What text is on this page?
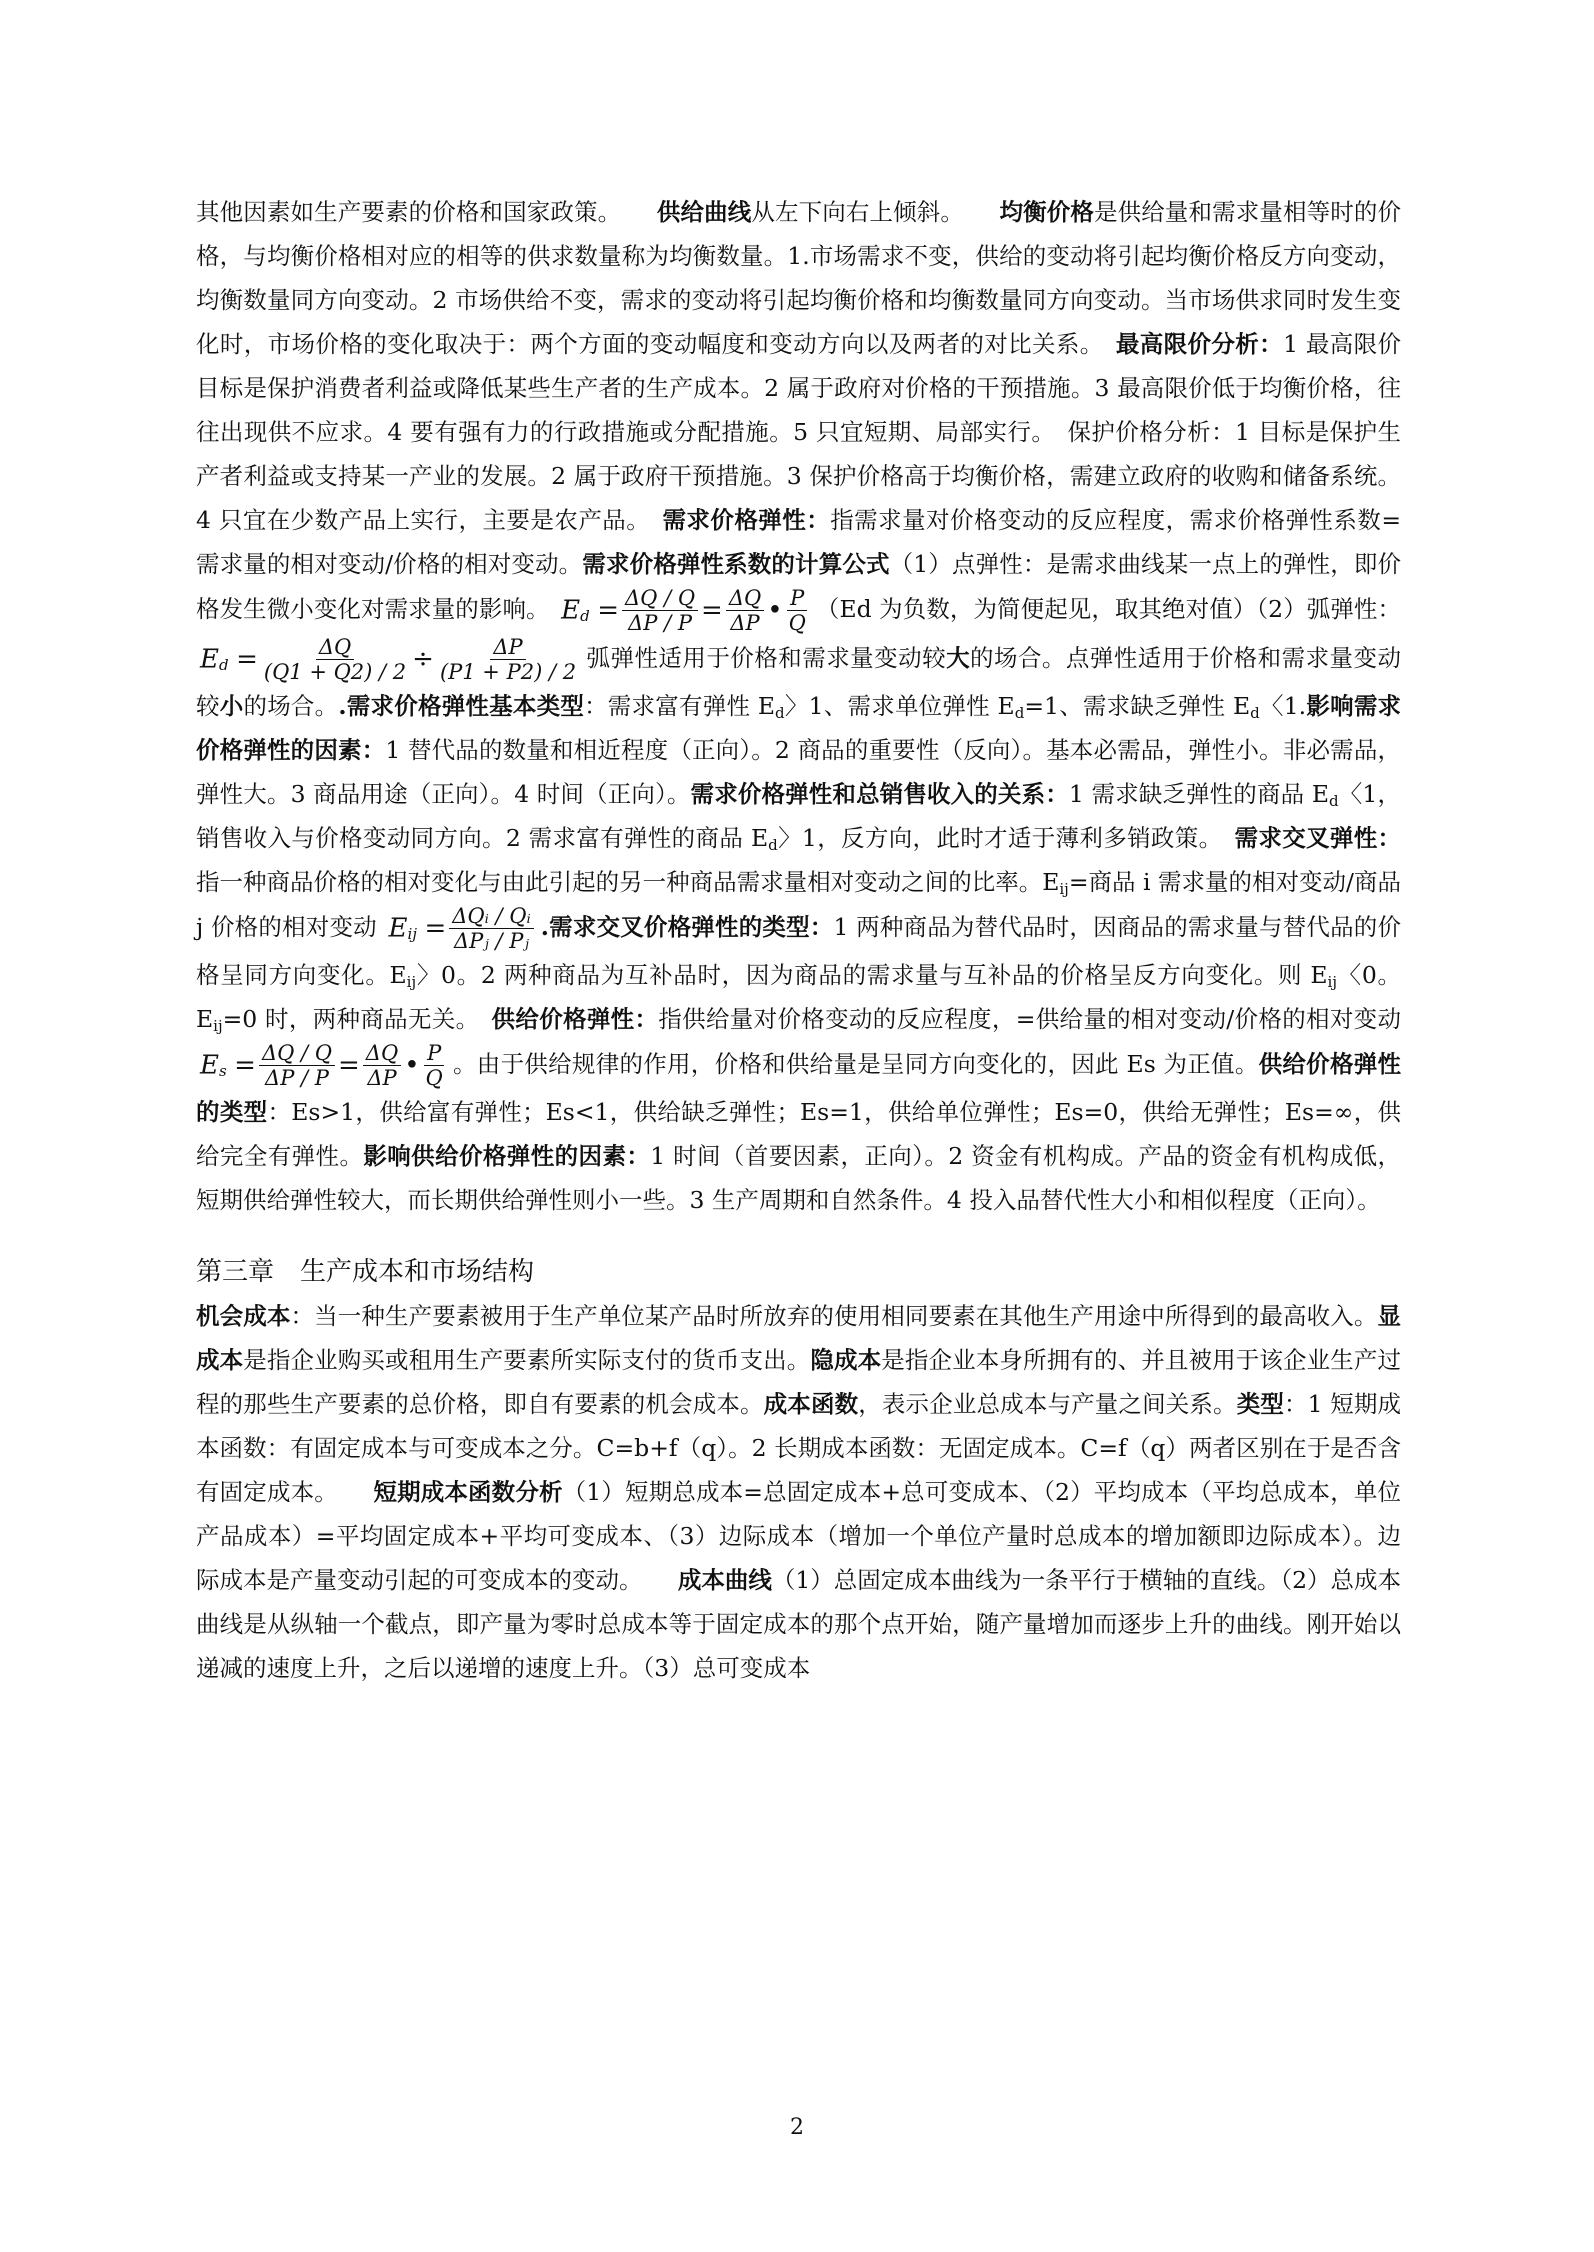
其他因素如生产要素的价格和国家政策。　　 供给曲线从左下向右上倾斜。　　 均衡价格是供给量和需求量相等时的价格，与均衡价格相对应的相等的供求数量称为均衡数量。1.市场需求不变，供给的变动将引起均衡价格反方向变动，均衡数量同方向变动。2 市场供给不变，需求的变动将引起均衡价格和均衡数量同方向变动。当市场供求同时发生变化时，市场价格的变化取决于：两个方面的变动幅度和变动方向以及两者的对比关系。　 最高限价分析：1 最高限价目标是保护消费者利益或降低某些生产者的生产成本。2 属于政府对价格的干预措施。3 最高限价低于均衡价格，往往出现供不应求。4 要有强有力的行政措施或分配措施。5 只宜短期、局部实行。　保护价格分析：1 目标是保护生产者利益或支持某一产业的发展。2 属于政府干预措施。3 保护价格高于均衡价格，需建立政府的收购和储备系统。4 只宜在少数产品上实行，主要是农产品。　 需求价格弹性：指需求量对价格变动的反应程度，需求价格弹性系数=需求量的相对变动/价格的相对变动。需求价格弹性系数的计算公式（1）点弹性：是需求曲线某一点上的弹性，即价格发生微小变化对需求量的影响。 $E_d = \frac{\Delta Q / Q}{\Delta P / P} = \frac{\Delta Q}{\Delta P}$ • $\frac{P}{Q} (Ed$ 为负数，为简便起见，取其绝对值）（2）弧弹性： $E_d = \frac{\Delta Q}{(Q1 + Q2) / 2} \div \frac{\Delta P}{(P1 + P2) / 2}$ 弧弹性适用于价格和需求量变动较大的场合。点弹性适用于价格和需求量变动较小的场合。.需求价格弹性基本类型：需求富有弹性 $E_d$〉1、需求单位弹性 $E_d=1$、需求缺乏弹性 $E_d$〈1.影响需求价格弹性的因素：1 替代品的数量和相近程度（正向）。2 商品的重要性（反向）。基本必需品，弹性小。非必需品，弹性大。3 商品用途（正向）。4 时间（正向）。需求价格弹性和总销售收入的关系：1 需求缺乏弹性的商品 $E_d$〈1，销售收入与价格变动同方向。2 需求富有弹性的商品 $E_d$〉1，反方向，此时才适于薄利多销政策。　 需求交叉弹性：指一种商品价格的相对变化与由此引起的另一种商品需求量相对变动之间的比率。$E_{ij}=$商品 i 需求量的相对变动/商品 j 价格的相对变动 $E_{ij} = \frac{\text{ΔQᵢ / Qᵢ}}{\text{ΔPⱼ / Pⱼ}}$ .需求交叉价格弹性的类型：1 两种商品为替代品时，因商品的需求量与替代品的价格呈同方向变化。$E_{ij}$〉0。2 两种商品为互补品时，因为商品的需求量与互补品的价格呈反方向变化。则 $E_{ij}$〈0。$E_{ij}=0$ 时，两种商品无关。　 供给价格弹性：指供给量对价格变动的反应程度，=供给量的相对变动/价格的相对变动 $E_s = \frac{\Delta Q / Q}{\Delta P / P} = \frac{\Delta Q}{\Delta P}$ • $\frac{P}{Q}$ 。由于供给规律的作用，价格和供给量是呈同方向变化的，因此 Es 为正值。供给价格弹性的类型：Es>1，供给富有弹性；Es<1，供给缺乏弹性；Es=1，供给单位弹性；Es=0，供给无弹性；Es=∞，供给完全有弹性。影响供给价格弹性的因素：1 时间（首要因素，正向）。2 资金有机构成。产品的资金有机构成低，短期供给弹性较大，而长期供给弹性则小一些。3 生产周期和自然条件。4 投入品替代性大小和相似程度（正向）。

第三章　生产成本和市场结构

机会成本：当一种生产要素被用于生产单位某产品时所放弃的使用相同要素在其他生产用途中所得到的最高收入。显成本是指企业购买或租用生产要素所实际支付的货币支出。隐成本是指企业本身所拥有的、并且被用于该企业生产过程的那些生产要素的总价格，即自有要素的机会成本。成本函数，表示企业总成本与产量之间关系。类型：1 短期成本函数：有固定成本与可变成本之分。C=b+f（q）。2 长期成本函数：无固定成本。C=f（q）两者区别在于是否含有固定成本。　　 短期成本函数分析（1）短期总成本=总固定成本+总可变成本、（2）平均成本（平均总成本，单位产品成本）=平均固定成本+平均可变成本、（3）边际成本（增加一个单位产量时总成本的增加额即边际成本）。边际成本是产量变动引起的可变成本的变动。　　 成本曲线（1）总固定成本曲线为一条平行于横轴的直线。（2）总成本曲线是从纵轴一个截点，即产量为零时总成本等于固定成本的那个点开始，随产量增加而逐步上升的曲线。刚开始以递减的速度上升，之后以递增的速度上升。（3）总可变成本

2
